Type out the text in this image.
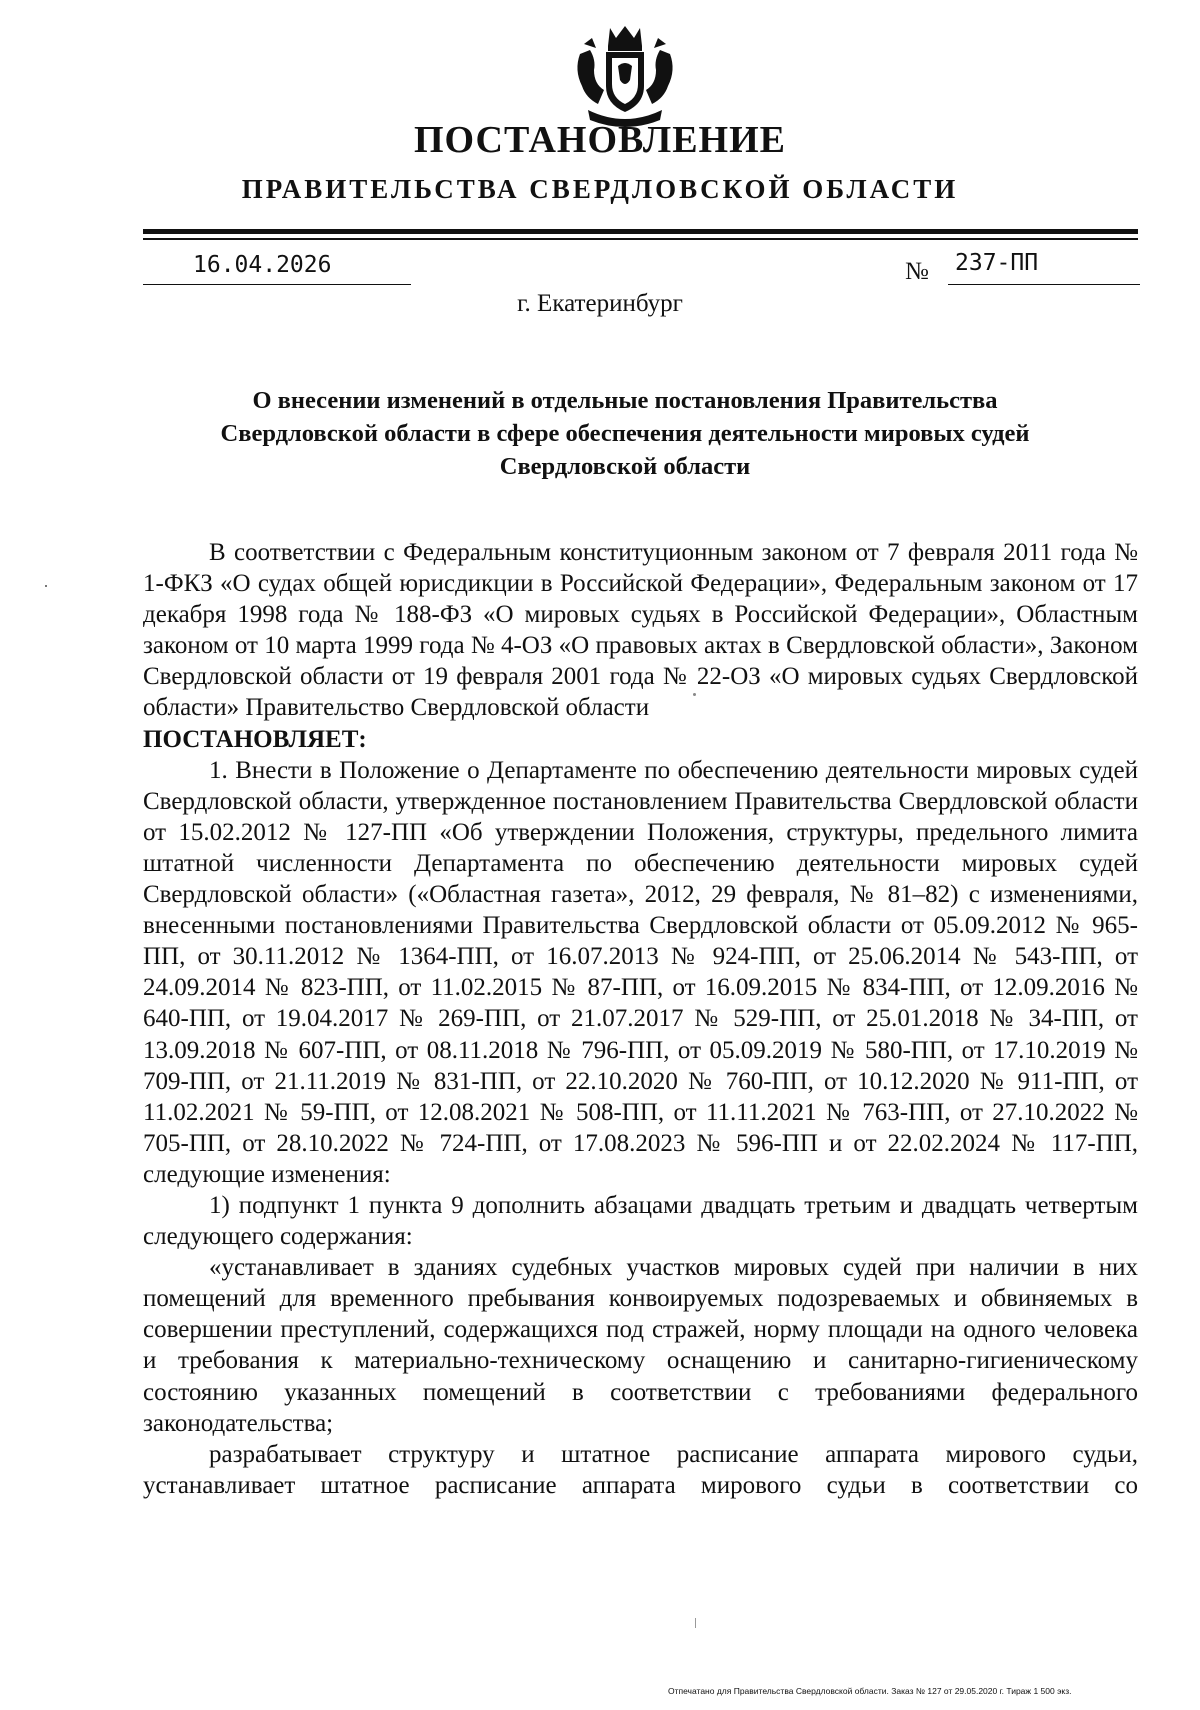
ПОСТАНОВЛЕНИЕ
ПРАВИТЕЛЬСТВА СВЕРДЛОВСКОЙ ОБЛАСТИ
16.04.2026	№ 237-ПП
г. Екатеринбург
О внесении изменений в отдельные постановления Правительства
Свердловской области в сфере обеспечения деятельности мировых судей
Свердловской области

В соответствии с Федеральным конституционным законом от 7 февраля 2011 года № 1-ФКЗ «О судах общей юрисдикции в Российской Федерации», Федеральным законом от 17 декабря 1998 года № 188-ФЗ «О мировых судьях в Российской Федерации», Областным законом от 10 марта 1999 года № 4-ОЗ «О правовых актах в Свердловской области», Законом Свердловской области от 19 февраля 2001 года № 22-ОЗ «О мировых судьях Свердловской области» Правительство Свердловской области

ПОСТАНОВЛЯЕТ:

1. Внести в Положение о Департаменте по обеспечению деятельности мировых судей Свердловской области, утвержденное постановлением Правительства Свердловской области от 15.02.2012 № 127-ПП «Об утверждении Положения, структуры, предельного лимита штатной численности Департамента по обеспечению деятельности мировых судей Свердловской области» («Областная газета», 2012, 29 февраля, № 81–82) с изменениями, внесенными постановлениями Правительства Свердловской области от 05.09.2012 № 965-ПП, от 30.11.2012 № 1364-ПП, от 16.07.2013 № 924-ПП, от 25.06.2014 № 543-ПП, от 24.09.2014 № 823-ПП, от 11.02.2015 № 87-ПП, от 16.09.2015 № 834-ПП, от 12.09.2016 № 640-ПП, от 19.04.2017 № 269-ПП, от 21.07.2017 № 529-ПП, от 25.01.2018 № 34-ПП, от 13.09.2018 № 607-ПП, от 08.11.2018 № 796-ПП, от 05.09.2019 № 580-ПП, от 17.10.2019 № 709-ПП, от 21.11.2019 № 831-ПП, от 22.10.2020 № 760-ПП, от 10.12.2020 № 911-ПП, от 11.02.2021 № 59-ПП, от 12.08.2021 № 508-ПП, от 11.11.2021 № 763-ПП, от 27.10.2022 № 705-ПП, от 28.10.2022 № 724-ПП, от 17.08.2023 № 596-ПП и от 22.02.2024 № 117-ПП, следующие изменения:

1) подпункт 1 пункта 9 дополнить абзацами двадцать третьим и двадцать четвертым следующего содержания:

«устанавливает в зданиях судебных участков мировых судей при наличии в них помещений для временного пребывания конвоируемых подозреваемых и обвиняемых в совершении преступлений, содержащихся под стражей, норму площади на одного человека и требования к материально-техническому оснащению и санитарно-гигиеническому состоянию указанных помещений в соответствии с требованиями федерального законодательства;

разрабатывает структуру и штатное расписание аппарата мирового судьи, устанавливает штатное расписание аппарата мирового судьи в соответствии со

Отпечатано для Правительства Свердловской области. Заказ № 127 от 29.05.2020 г. Тираж 1 500 экз.
